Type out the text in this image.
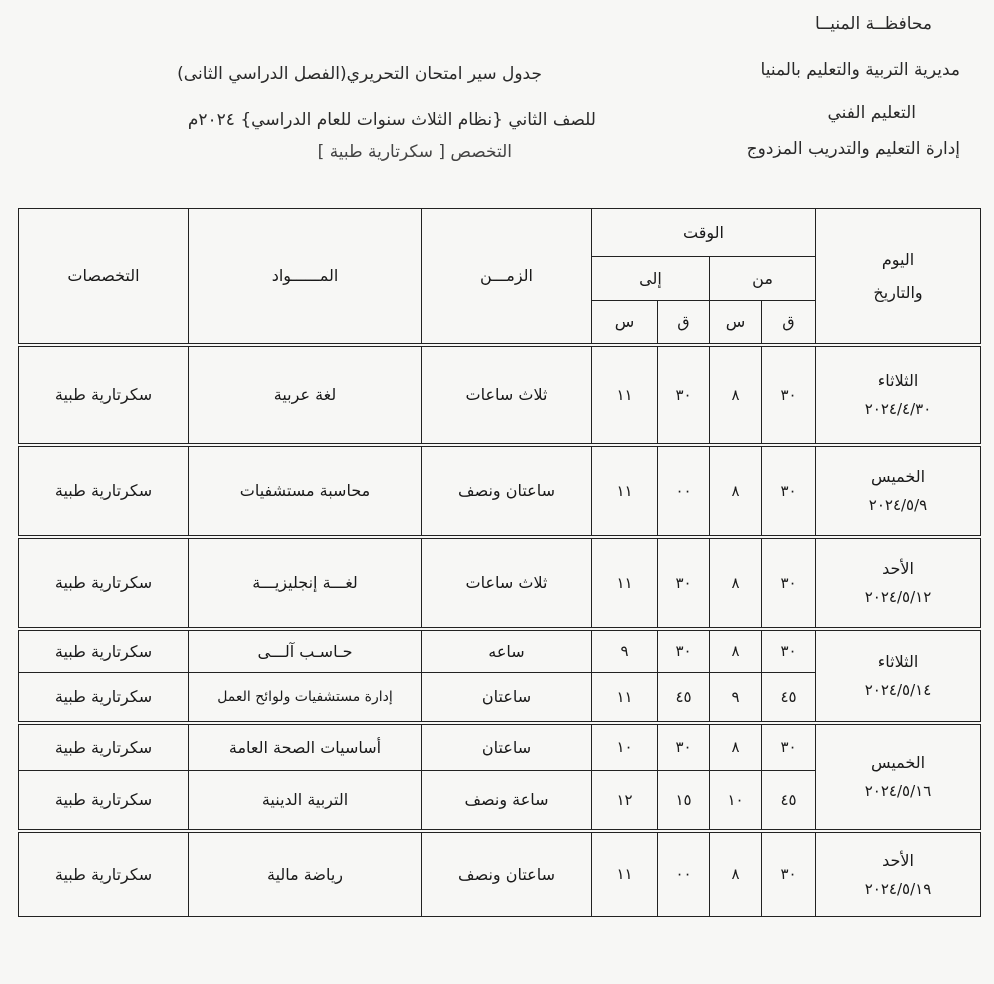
محافظــة المنيــا
مديرية التربية والتعليم بالمنيا
التعليم الفني
إدارة التعليم والتدريب المزدوج
جدول سير امتحان التحريري(الفصل الدراسي الثانى)
للصف الثاني {نظام الثلاث سنوات للعام الدراسي} ٢٠٢٤م
التخصص [ سكرتارية طبية ]
اليوم
والتاريخ	الوقت				الزمـــن	المــــــواد	التخصصات
	من		إلى				
	ق	س	ق	س			

الثلاثاء
٢٠٢٤/٤/٣٠	٣٠	٨	٣٠	١١	ثلاث ساعات	لغة عربية	سكرتارية طبية

الخميس
٢٠٢٤/٥/٩	٣٠	٨	٠٠	١١	ساعتان ونصف	محاسبة مستشفيات	سكرتارية طبية

الأحد
٢٠٢٤/٥/١٢	٣٠	٨	٣٠	١١	ثلاث ساعات	لغـــة إنجليزيـــة	سكرتارية طبية

الثلاثاء
٢٠٢٤/٥/١٤	٣٠	٨	٣٠	٩	ساعه	حـاسـب آلـــى	سكرتارية طبية
	٤٥	٩	٤٥	١١	ساعتان	إدارة مستشفيات ولوائح العمل	سكرتارية طبية

الخميس
٢٠٢٤/٥/١٦	٣٠	٨	٣٠	١٠	ساعتان	أساسيات الصحة العامة	سكرتارية طبية
	٤٥	١٠	١٥	١٢	ساعة ونصف	التربية الدينية	سكرتارية طبية

الأحد
٢٠٢٤/٥/١٩	٣٠	٨	٠٠	١١	ساعتان ونصف	رياضة مالية	سكرتارية طبية
